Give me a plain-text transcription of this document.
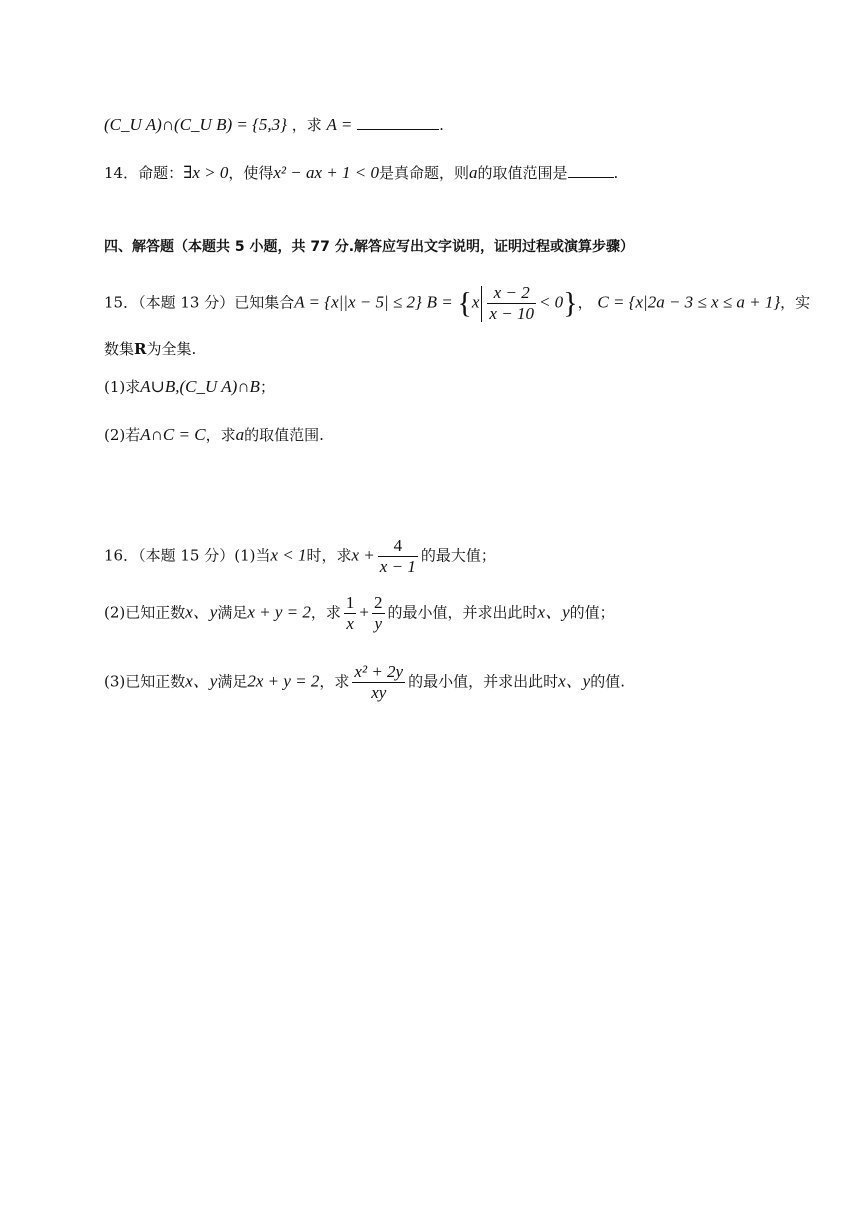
(C_U A)∩(C_U B) = {5,3} ，求 A =	.
14．命题：∃x > 0，使得x² − ax + 1 < 0是真命题，则a的取值范围是	.
四、解答题（本题共 5 小题，共 77 分.解答应写出文字说明，证明过程或演算步骤）
15．（本题 13 分）已知集合A = {x||x − 5| ≤ 2} $B = \{x \frac{x - 2}{x - 10} < 0\}$， C = {x|2a − 3 ≤ x ≤ a + 1}，实
数集R为全集.
(1)求A∪B,(C_U A)∩B；
(2)若A∩C = C，求a的取值范围.
16．（本题 15 分）(1)当x < 1时，求$x + \frac{4}{x - 1}$ 的最大值；
(2)已知正数x、y满足x + y = 2，求 $\frac{1}{x} + \frac{2}{y}$ 的最小值，并求出此时x、y的值；
(3)已知正数x、y满足2x + y = 2，求 $\frac{\text{x² + 2y}}{xy}$ 的最小值，并求出此时x、y的值.
